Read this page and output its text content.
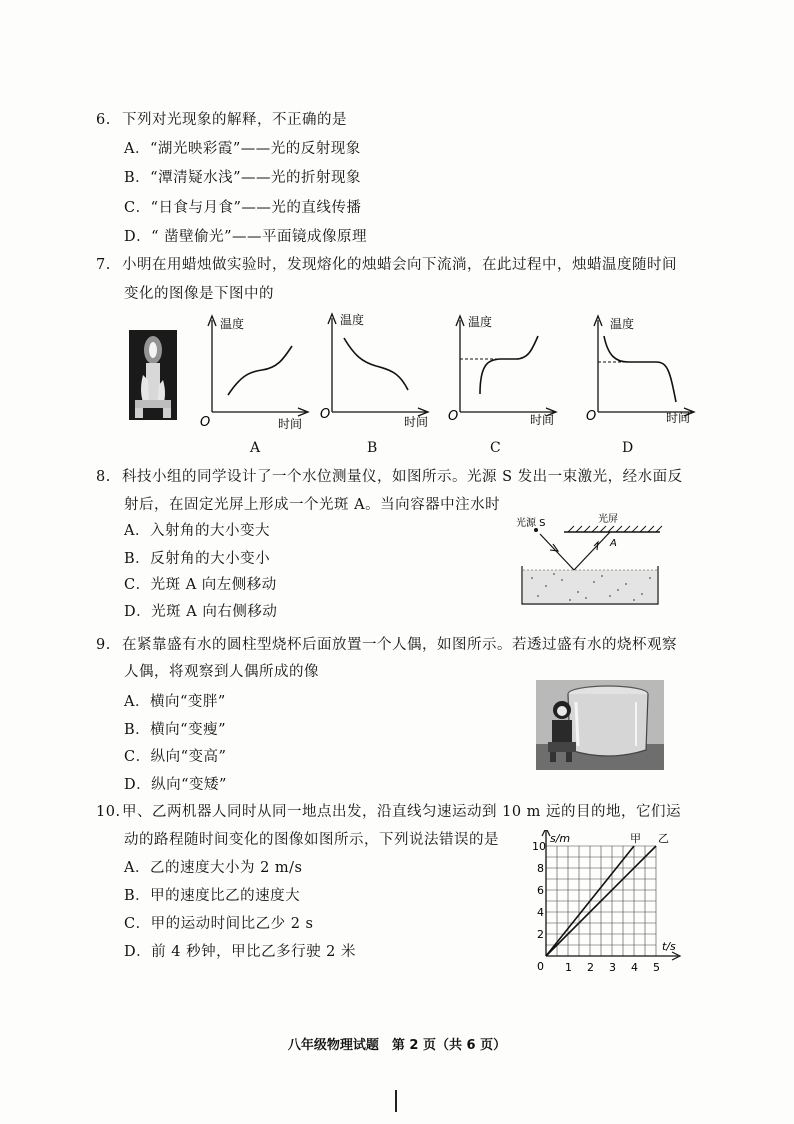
6. 下列对光现象的解释，不正确的是
A．“湖光映彩霞”——光的反射现象
B．“潭清疑水浅”——光的折射现象
C．“日食与月食”——光的直线传播
D．“ 凿壁偷光”——平面镜成像原理
7. 小明在用蜡烛做实验时，发现熔化的烛蜡会向下流淌，在此过程中，烛蜡温度随时间
变化的图像是下图中的
温度
O	时间
A
温度
O	时间
B
温度
O	时间
C
温度
O	时间
D
8. 科技小组的同学设计了一个水位测量仪，如图所示。光源 S 发出一束激光，经水面反
射后，在固定光屏上形成一个光斑 A。当向容器中注水时
A．入射角的大小变大
B．反射角的大小变小
C．光斑 A 向左侧移动
D．光斑 A 向右侧移动
光源 S	光屏
A
9. 在紧靠盛有水的圆柱型烧杯后面放置一个人偶，如图所示。若透过盛有水的烧杯观察
人偶，将观察到人偶所成的像
A．横向“变胖”
B．横向“变瘦”
C．纵向“变高”
D．纵向“变矮”
10.甲、乙两机器人同时从同一地点出发，沿直线匀速运动到 10 m 远的目的地，它们运
动的路程随时间变化的图像如图所示，下列说法错误的是
A．乙的速度大小为 2 m/s
B．甲的速度比乙的速度大
C．甲的运动时间比乙少 2 s
D．前 4 秒钟，甲比乙多行驶 2 米
甲 乙
1 2 3 4 5
2
4
6
8
10
0
t/s
s/m
八年级物理试题　第 2 页（共 6 页）
